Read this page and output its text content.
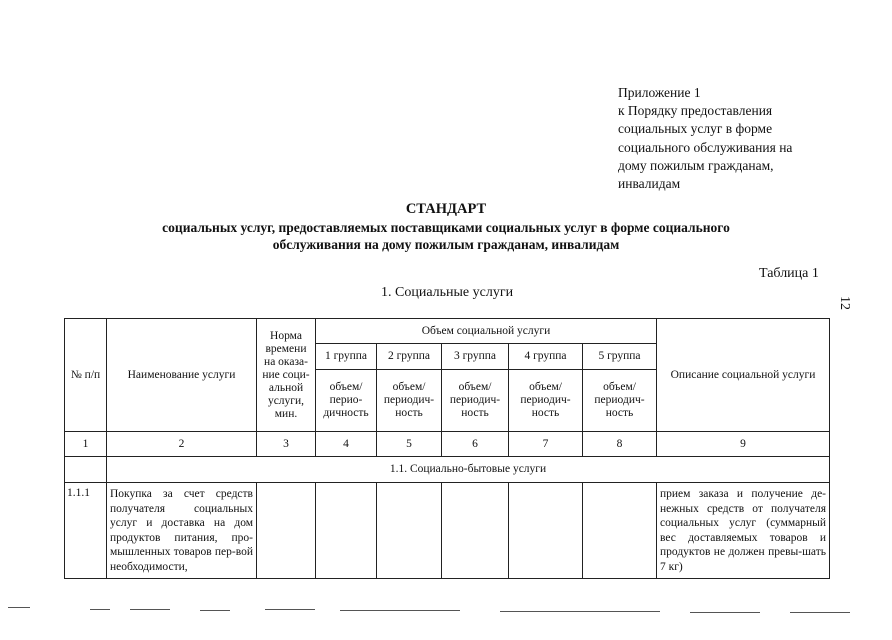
Приложение 1
к Порядку предоставления
социальных услуг в форме
социального обслуживания на
дому пожилым гражданам,
инвалидам
СТАНДАРТ
социальных услуг, предоставляемых поставщиками социальных услуг в форме социального
обслуживания на дому пожилым гражданам, инвалидам
Таблица 1
1. Социальные услуги
12
№ п/п	Наименование услуги	Норма времени на оказа-ние соци-альной услуги, мин.	Объем социальной услуги					Описание социальной услуги
			1 группа	2 группа	3 группа	4 группа	5 группа	
			объем/ перио-дичность	объем/ периодич-ность	объем/ периодич-ность	объем/ периодич-ность	объем/ периодич-ность	
1	2	3	4	5	6	7	8	9
	1.1. Социально-бытовые услуги							
1.1.1	Покупка за счет средств получателя социальных услуг и доставка на дом продуктов питания, про-мышленных товаров пер-вой необходимости,							прием заказа и получение де-нежных средств от получателя социальных услуг (суммарный вес доставляемых товаров и продуктов не должен превы-шать 7 кг)
